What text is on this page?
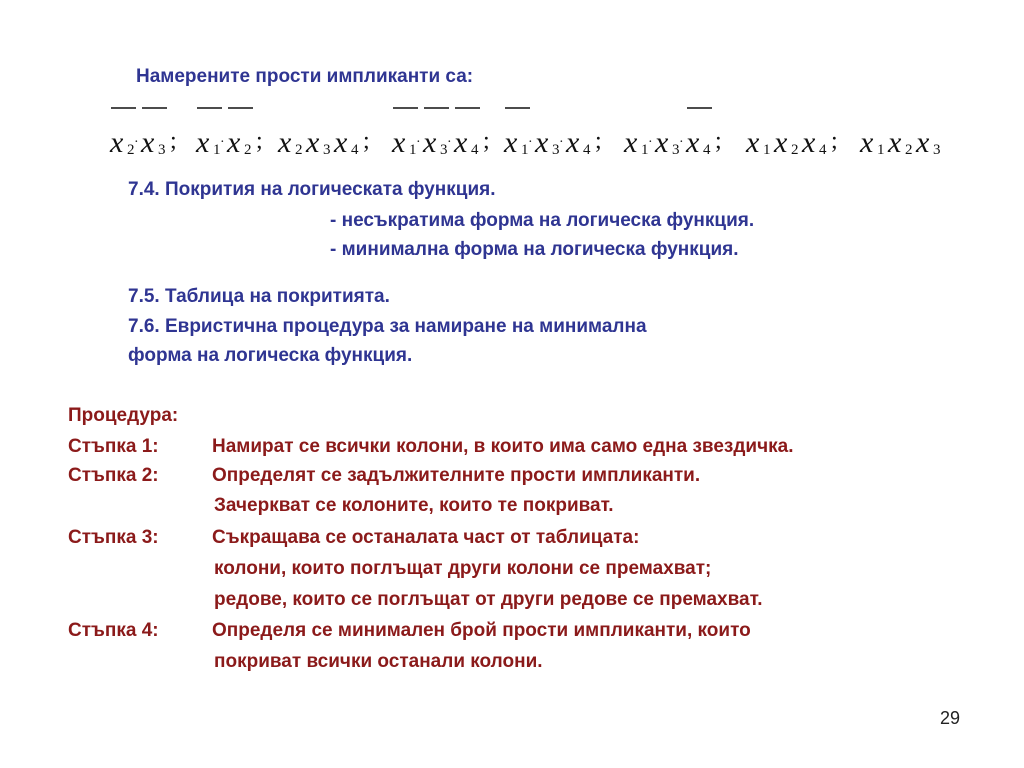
Намерените прости импликанти са:
x 2 · x 3 ; x 1 · x 2 ; x 2 x 3 x 4 ; x 1 · x 3 · x 4 ; x 1 · x 3 · x 4 ; x 1 · x 3 · x 4 ; x 1 x 2 x 4 ; x 1 x 2 x 3
7.4. Покрития на логическата функция.
- несъкратима форма на логическа функция.
- минимална форма на логическа функция.
7.5. Таблица на покритията.
7.6. Евристична процедура за намиране на минимална
форма на логическа функция.
Процедура:
Стъпка 1:	Намират се всички колони, в които има само една звездичка.
Стъпка 2:	Определят се задължителните прости импликанти.
Зачеркват се колоните, които те покриват.
Стъпка 3:	Съкращава се останалата част от таблицата:
колони, които поглъщат други колони се премахват;
редове, които се поглъщат от други редове се премахват.
Стъпка 4:	Определя се минимален брой прости импликанти, които
покриват всички останали колони.
29
